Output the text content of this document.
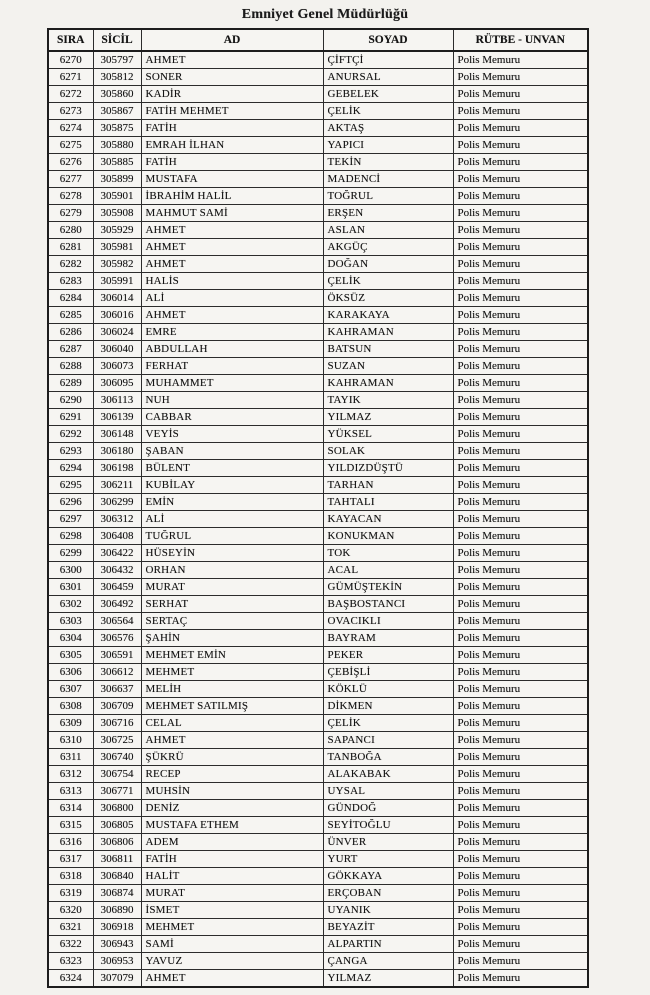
Emniyet Genel Müdürlüğü
SIRA	SİCİL	AD	SOYAD	RÜTBE - UNVAN
6270	305797	AHMET	ÇİFTÇİ	Polis Memuru
6271	305812	SONER	ANURSAL	Polis Memuru
6272	305860	KADİR	GEBELEK	Polis Memuru
6273	305867	FATİH MEHMET	ÇELİK	Polis Memuru
6274	305875	FATİH	AKTAŞ	Polis Memuru
6275	305880	EMRAH İLHAN	YAPICI	Polis Memuru
6276	305885	FATİH	TEKİN	Polis Memuru
6277	305899	MUSTAFA	MADENCİ	Polis Memuru
6278	305901	İBRAHİM HALİL	TOĞRUL	Polis Memuru
6279	305908	MAHMUT SAMİ	ERŞEN	Polis Memuru
6280	305929	AHMET	ASLAN	Polis Memuru
6281	305981	AHMET	AKGÜÇ	Polis Memuru
6282	305982	AHMET	DOĞAN	Polis Memuru
6283	305991	HALİS	ÇELİK	Polis Memuru
6284	306014	ALİ	ÖKSÜZ	Polis Memuru
6285	306016	AHMET	KARAKAYA	Polis Memuru
6286	306024	EMRE	KAHRAMAN	Polis Memuru
6287	306040	ABDULLAH	BATSUN	Polis Memuru
6288	306073	FERHAT	SUZAN	Polis Memuru
6289	306095	MUHAMMET	KAHRAMAN	Polis Memuru
6290	306113	NUH	TAYIK	Polis Memuru
6291	306139	CABBAR	YILMAZ	Polis Memuru
6292	306148	VEYİS	YÜKSEL	Polis Memuru
6293	306180	ŞABAN	SOLAK	Polis Memuru
6294	306198	BÜLENT	YILDIZDÜŞTÜ	Polis Memuru
6295	306211	KUBİLAY	TARHAN	Polis Memuru
6296	306299	EMİN	TAHTALI	Polis Memuru
6297	306312	ALİ	KAYACAN	Polis Memuru
6298	306408	TUĞRUL	KONUKMAN	Polis Memuru
6299	306422	HÜSEYİN	TOK	Polis Memuru
6300	306432	ORHAN	ACAL	Polis Memuru
6301	306459	MURAT	GÜMÜŞTEKİN	Polis Memuru
6302	306492	SERHAT	BAŞBOSTANCI	Polis Memuru
6303	306564	SERTAÇ	OVACIKLI	Polis Memuru
6304	306576	ŞAHİN	BAYRAM	Polis Memuru
6305	306591	MEHMET EMİN	PEKER	Polis Memuru
6306	306612	MEHMET	ÇEBİŞLİ	Polis Memuru
6307	306637	MELİH	KÖKLÜ	Polis Memuru
6308	306709	MEHMET SATILMIŞ	DİKMEN	Polis Memuru
6309	306716	CELAL	ÇELİK	Polis Memuru
6310	306725	AHMET	SAPANCI	Polis Memuru
6311	306740	ŞÜKRÜ	TANBOĞA	Polis Memuru
6312	306754	RECEP	ALAKABAK	Polis Memuru
6313	306771	MUHSİN	UYSAL	Polis Memuru
6314	306800	DENİZ	GÜNDOĞ	Polis Memuru
6315	306805	MUSTAFA ETHEM	SEYİTOĞLU	Polis Memuru
6316	306806	ADEM	ÜNVER	Polis Memuru
6317	306811	FATİH	YURT	Polis Memuru
6318	306840	HALİT	GÖKKAYA	Polis Memuru
6319	306874	MURAT	ERÇOBAN	Polis Memuru
6320	306890	İSMET	UYANIK	Polis Memuru
6321	306918	MEHMET	BEYAZİT	Polis Memuru
6322	306943	SAMİ	ALPARTIN	Polis Memuru
6323	306953	YAVUZ	ÇANGA	Polis Memuru
6324	307079	AHMET	YILMAZ	Polis Memuru
